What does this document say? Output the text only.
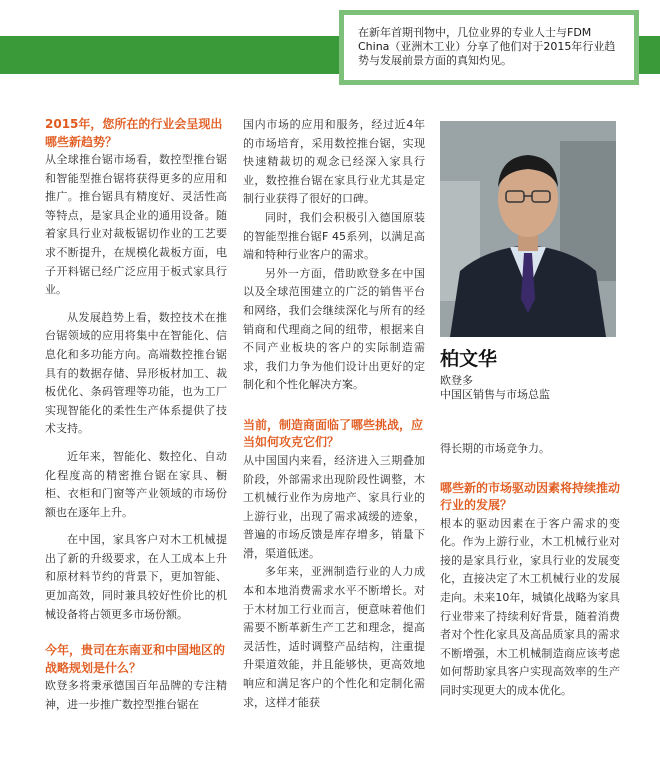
在新年首期刊物中，几位业界的专业人士与FDM China（亚洲木工业）分享了他们对于2015年行业趋势与发展前景方面的真知灼见。
2015年，您所在的行业会呈现出哪些新趋势？

从全球推台锯市场看，数控型推台锯和智能型推台锯将获得更多的应用和推广。推台锯具有精度好、灵活性高等特点，是家具企业的通用设备。随着家具行业对裁板锯切作业的工艺要求不断提升，在规模化裁板方面，电子开料锯已经广泛应用于板式家具行业。

从发展趋势上看，数控技术在推台锯领域的应用将集中在智能化、信息化和多功能方向。高端数控推台锯具有的数据存储、异形板材加工、裁板优化、条码管理等功能，也为工厂实现智能化的柔性生产体系提供了技术支持。

近年来，智能化、数控化、自动化程度高的精密推台锯在家具、橱柜、衣柜和门窗等产业领域的市场份额也在逐年上升。

在中国，家具客户对木工机械提出了新的升级要求，在人工成本上升和原材料节约的背景下，更加智能、更加高效，同时兼具较好性价比的机械设备将占领更多市场份额。

今年，贵司在东南亚和中国地区的战略规划是什么？

欧登多将秉承德国百年品牌的专注精神，进一步推广数控型推台锯在

国内市场的应用和服务，经过近4年的市场培育，采用数控推台锯，实现快速精裁切的观念已经深入家具行业，数控推台锯在家具行业尤其是定制行业获得了很好的口碑。

同时，我们会积极引入德国原装的智能型推台锯F 45系列，以满足高端和特种行业客户的需求。

另外一方面，借助欧登多在中国以及全球范围建立的广泛的销售平台和网络，我们会继续深化与所有的经销商和代理商之间的纽带，根据来自不同产业板块的客户的实际制造需求，我们力争为他们设计出更好的定制化和个性化解决方案。

当前，制造商面临了哪些挑战，应当如何攻克它们？

从中国国内来看，经济进入三期叠加阶段，外部需求出现阶段性调整，木工机械行业作为房地产、家具行业的上游行业，出现了需求减缓的迹象，普遍的市场反馈是库存增多，销量下滑，渠道低迷。

多年来，亚洲制造行业的人力成本和本地消费需求水平不断增长。对于木材加工行业而言，便意味着他们需要不断革新生产工艺和理念，提高灵活性，适时调整产品结构，注重提升渠道效能，并且能够快，更高效地响应和满足客户的个性化和定制化需求，这样才能获

柏文华
欧登多
中国区销售与市场总监

得长期的市场竞争力。

哪些新的市场驱动因素将持续推动行业的发展？

根本的驱动因素在于客户需求的变化。作为上游行业，木工机械行业对接的是家具行业，家具行业的发展变化，直接决定了木工机械行业的发展走向。未来10年，城镇化战略为家具行业带来了持续利好背景，随着消费者对个性化家具及高品质家具的需求不断增强，木工机械制造商应该考虑如何帮助家具客户实现高效率的生产同时实现更大的成本优化。
